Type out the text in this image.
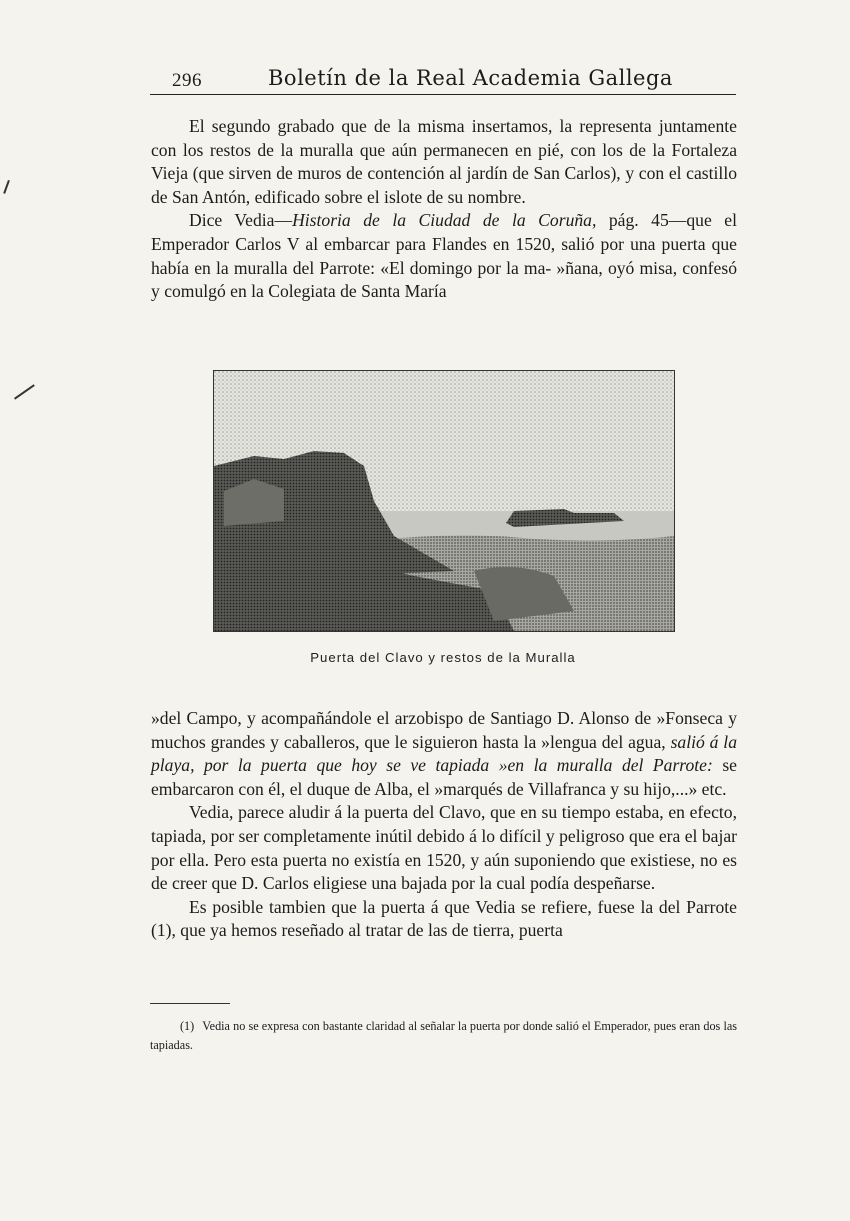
296	Boletín de la Real Academia Gallega

El segundo grabado que de la misma insertamos, la representa juntamente con los restos de la muralla que aún permanecen en pié, con los de la Fortaleza Vieja (que sirven de muros de contención al jardín de San Carlos), y con el castillo de San Antón, edificado sobre el islote de su nombre.

Dice Vedia—Historia de la Ciudad de la Coruña, pág. 45—que el Emperador Carlos V al embarcar para Flandes en 1520, salió por una puerta que había en la muralla del Parrote: «El domingo por la ma- »ñana, oyó misa, confesó y comulgó en la Colegiata de Santa María

Puerta del Clavo y restos de la Muralla

»del Campo, y acompañándole el arzobispo de Santiago D. Alonso de »Fonseca y muchos grandes y caballeros, que le siguieron hasta la »lengua del agua, salió á la playa, por la puerta que hoy se ve tapiada »en la muralla del Parrote: se embarcaron con él, el duque de Alba, el »marqués de Villafranca y su hijo,...» etc.

Vedia, parece aludir á la puerta del Clavo, que en su tiempo estaba, en efecto, tapiada, por ser completamente inútil debido á lo difícil y peligroso que era el bajar por ella. Pero esta puerta no existía en 1520, y aún suponiendo que existiese, no es de creer que D. Carlos eligiese una bajada por la cual podía despeñarse.

Es posible tambien que la puerta á que Vedia se refiere, fuese la del Parrote (1), que ya hemos reseñado al tratar de las de tierra, puerta

(1) Vedia no se expresa con bastante claridad al señalar la puerta por donde salió el Emperador, pues eran dos las tapiadas.
